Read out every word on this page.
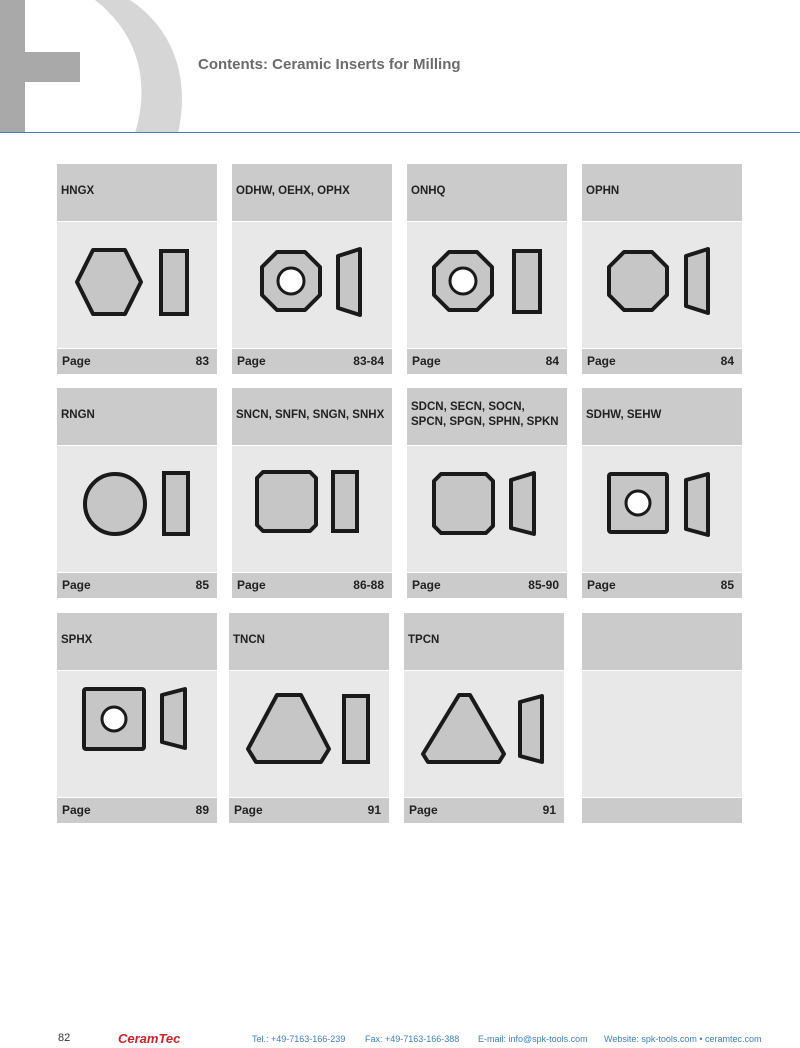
Contents: Ceramic Inserts for Milling
HNGX
Page	83
ODHW, OEHX, OPHX
Page	83-84
ONHQ
Page	84
OPHN
Page	84
RNGN
Page	85
SNCN, SNFN, SNGN, SNHX
Page	86-88
SDCN, SECN, SOCN, SPCN, SPGN, SPHN, SPKN
Page	85-90
SDHW, SEHW
Page	85
SPHX
Page	89
TNCN
Page	91
TPCN
Page	91
82	CeramTec	Tel.: +49-7163-166-239 Fax: +49-7163-166-388 E-mail: info@spk-tools.com Website: spk-tools.com • ceramtec.com
